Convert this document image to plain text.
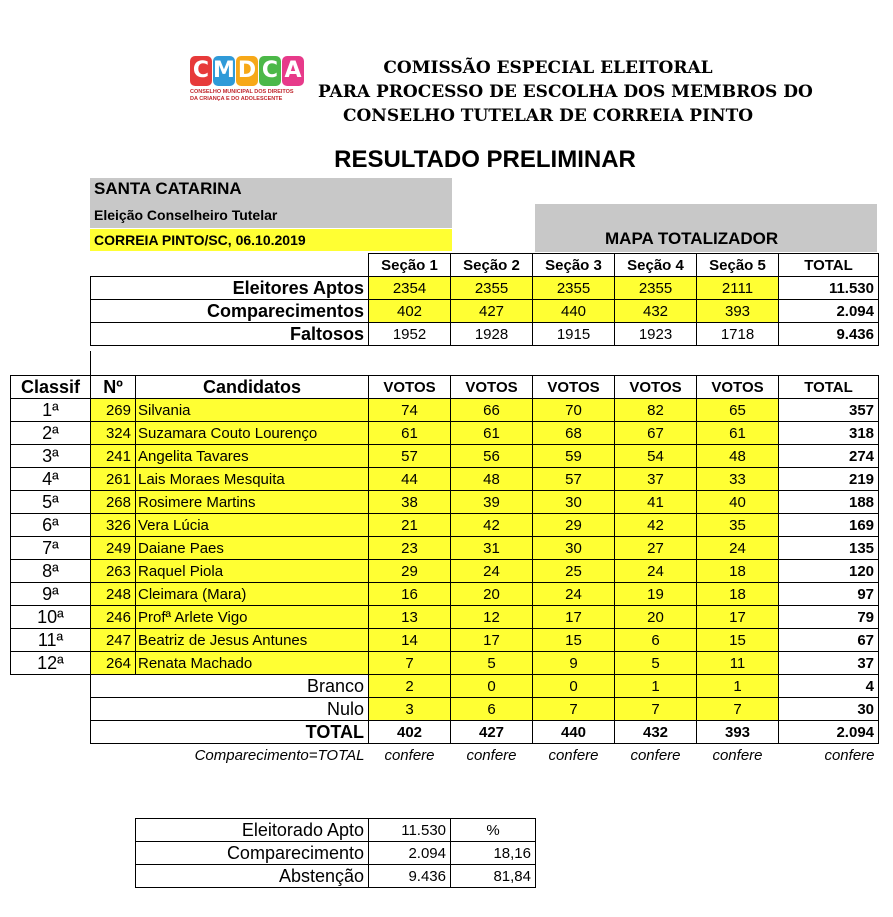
C M D C A
CONSELHO MUNICIPAL DOS DIREITOS
DA CRIANÇA E DO ADOLESCENTE
COMISSÃO ESPECIAL ELEITORAL
PARA PROCESSO DE ESCOLHA DOS MEMBROS DO
CONSELHO TUTELAR DE CORREIA PINTO
RESULTADO PRELIMINAR
SANTA CATARINA
Eleição Conselheiro Tutelar
CORREIA PINTO/SC, 06.10.2019	MAPA TOTALIZADOR
	Seção 1	Seção 2	Seção 3	Seção 4	Seção 5	TOTAL
Eleitores Aptos	2354	2355	2355	2355	2111	11.530
Comparecimentos	402	427	440	432	393	2.094
Faltosos	1952	1928	1915	1923	1718	9.436

Classif	Nº	Candidatos	VOTOS	VOTOS	VOTOS	VOTOS	VOTOS	TOTAL
1ª	269	Silvania	74	66	70	82	65	357
2ª	324	Suzamara Couto Lourenço	61	61	68	67	61	318
3ª	241	Angelita Tavares	57	56	59	54	48	274
4ª	261	Lais Moraes Mesquita	44	48	57	37	33	219
5ª	268	Rosimere Martins	38	39	30	41	40	188
6ª	326	Vera Lúcia	21	42	29	42	35	169
7ª	249	Daiane Paes	23	31	30	27	24	135
8ª	263	Raquel Piola	29	24	25	24	18	120
9ª	248	Cleimara (Mara)	16	20	24	19	18	97
10ª	246	Profª Arlete Vigo	13	12	17	20	17	79
11ª	247	Beatriz de Jesus Antunes	14	17	15	6	15	67
12ª	264	Renata Machado	7	5	9	5	11	37
	Branco		2	0	0	1	1	4
	Nulo		3	6	7	7	7	30
	TOTAL		402	427	440	432	393	2.094
	Comparecimento=TOTAL		confere	confere	confere	confere	confere	confere
Eleitorado Apto	11.530	%
Comparecimento	2.094	18,16
Abstenção	9.436	81,84
